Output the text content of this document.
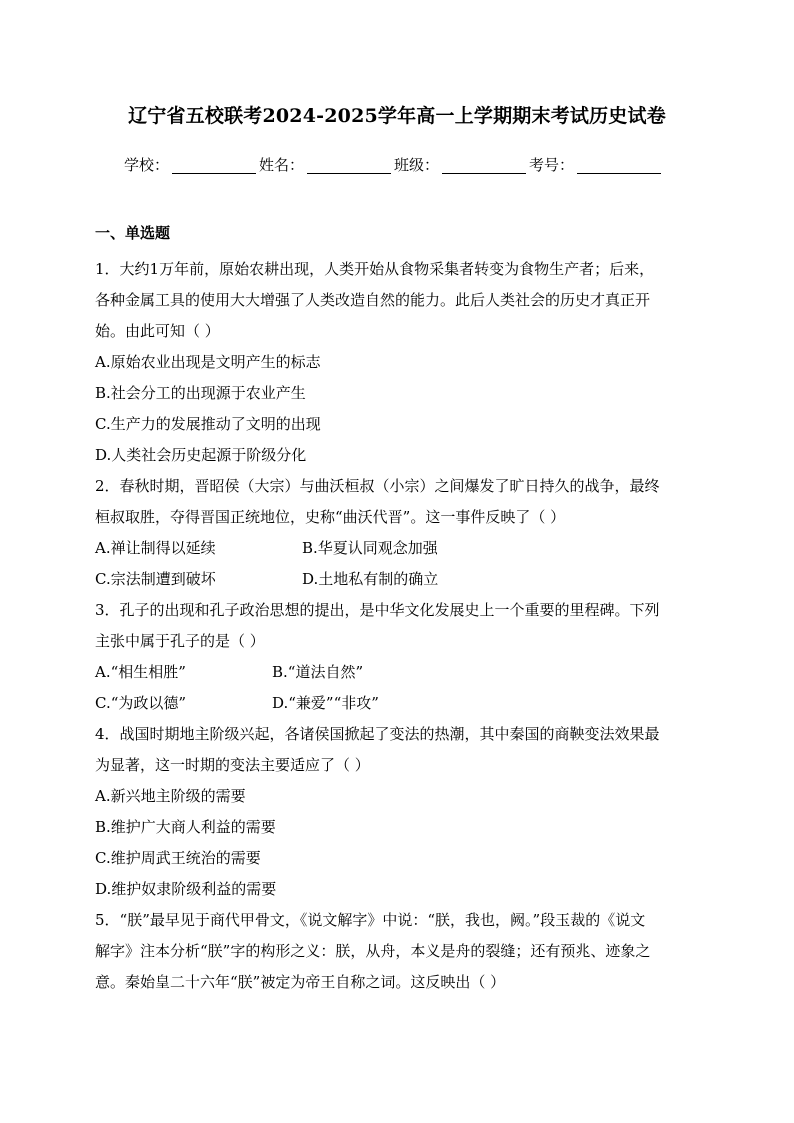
辽宁省五校联考2024-2025学年高一上学期期末考试历史试卷
学校：	姓名：	班级：	考号：
一、单选题
1．大约1万年前，原始农耕出现，人类开始从食物采集者转变为食物生产者；后来，
各种金属工具的使用大大增强了人类改造自然的能力。此后人类社会的历史才真正开
始。由此可知（ ）
A.原始农业出现是文明产生的标志
B.社会分工的出现源于农业产生
C.生产力的发展推动了文明的出现
D.人类社会历史起源于阶级分化
2．春秋时期，晋昭侯（大宗）与曲沃桓叔（小宗）之间爆发了旷日持久的战争，最终
桓叔取胜，夺得晋国正统地位，史称“曲沃代晋”。这一事件反映了（ ）
A.禅让制得以延续	B.华夏认同观念加强
C.宗法制遭到破坏	D.土地私有制的确立
3．孔子的出现和孔子政治思想的提出，是中华文化发展史上一个重要的里程碑。下列
主张中属于孔子的是（ ）
A.“相生相胜”	B.“道法自然”
C.“为政以德”	D.“兼爱”“非攻”
4．战国时期地主阶级兴起，各诸侯国掀起了变法的热潮，其中秦国的商鞅变法效果最
为显著，这一时期的变法主要适应了（ ）
A.新兴地主阶级的需要
B.维护广大商人利益的需要
C.维护周武王统治的需要
D.维护奴隶阶级利益的需要
5．“朕”最早见于商代甲骨文，《说文解字》中说：“朕，我也，阙。”段玉裁的《说文
解字》注本分析“朕”字的构形之义：朕，从舟，本义是舟的裂缝；还有预兆、迹象之
意。秦始皇二十六年“朕”被定为帝王自称之词。这反映出（ ）
